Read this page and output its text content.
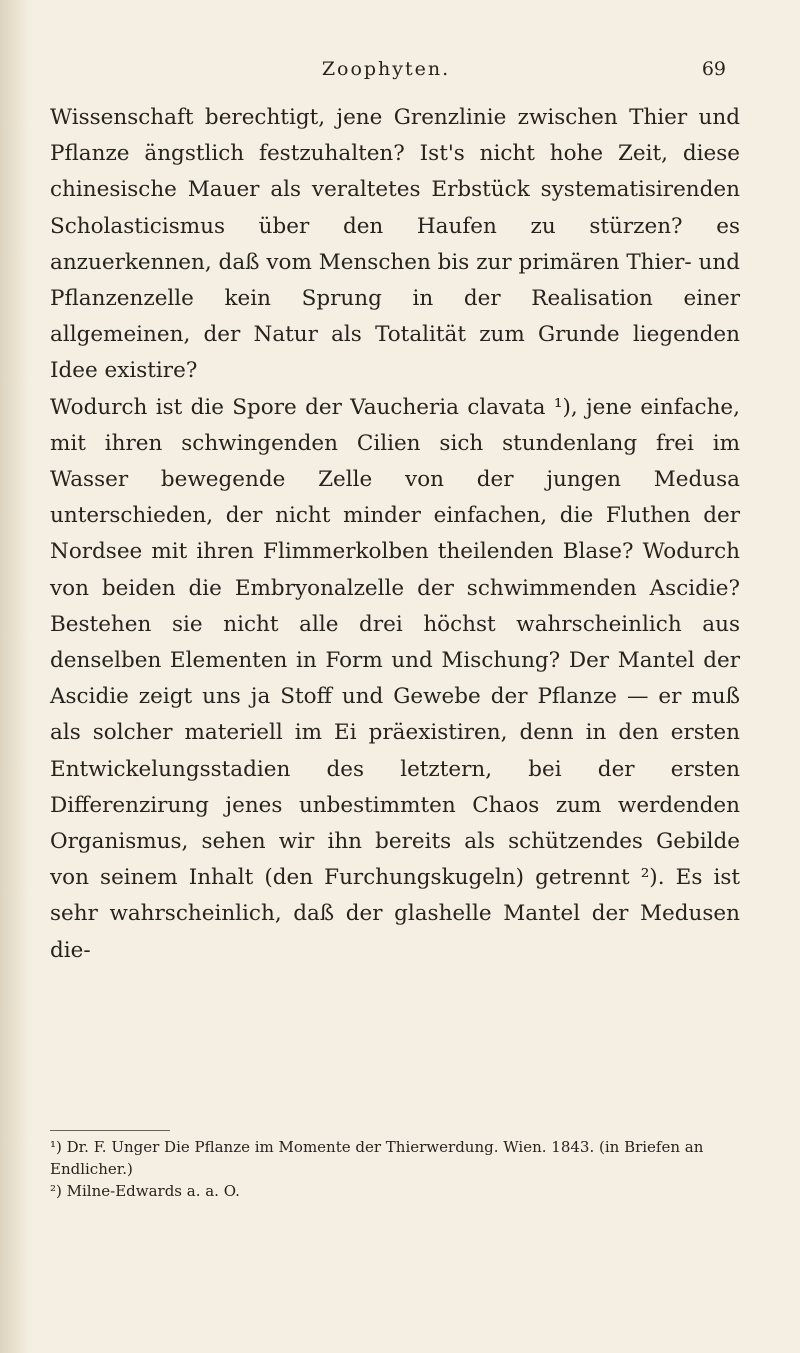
Zoophyten.	69

Wissenschaft berechtigt, jene Grenzlinie zwischen Thier und Pflanze ängstlich festzuhalten? Ist's nicht hohe Zeit, diese chinesische Mauer als veraltetes Erbstück systematisirenden Scholasticismus über den Haufen zu stürzen? es anzuerkennen, daß vom Menschen bis zur primären Thier- und Pflanzenzelle kein Sprung in der Realisation einer allgemeinen, der Natur als Totalität zum Grunde liegenden Idee existire?

Wodurch ist die Spore der Vaucheria clavata ¹), jene einfache, mit ihren schwingenden Cilien sich stundenlang frei im Wasser bewegende Zelle von der jungen Medusa unterschieden, der nicht minder einfachen, die Fluthen der Nordsee mit ihren Flimmerkolben theilenden Blase? Wodurch von beiden die Embryonalzelle der schwimmenden Ascidie? Bestehen sie nicht alle drei höchst wahrscheinlich aus denselben Elementen in Form und Mischung? Der Mantel der Ascidie zeigt uns ja Stoff und Gewebe der Pflanze — er muß als solcher materiell im Ei präexistiren, denn in den ersten Entwickelungsstadien des letztern, bei der ersten Differenzirung jenes unbestimmten Chaos zum werdenden Organismus, sehen wir ihn bereits als schützendes Gebilde von seinem Inhalt (den Furchungskugeln) getrennt ²). Es ist sehr wahrscheinlich, daß der glashelle Mantel der Medusen die-

¹) Dr. F. Unger Die Pflanze im Momente der Thierwerdung. Wien. 1843. (in Briefen an Endlicher.)

²) Milne-Edwards a. a. O.
